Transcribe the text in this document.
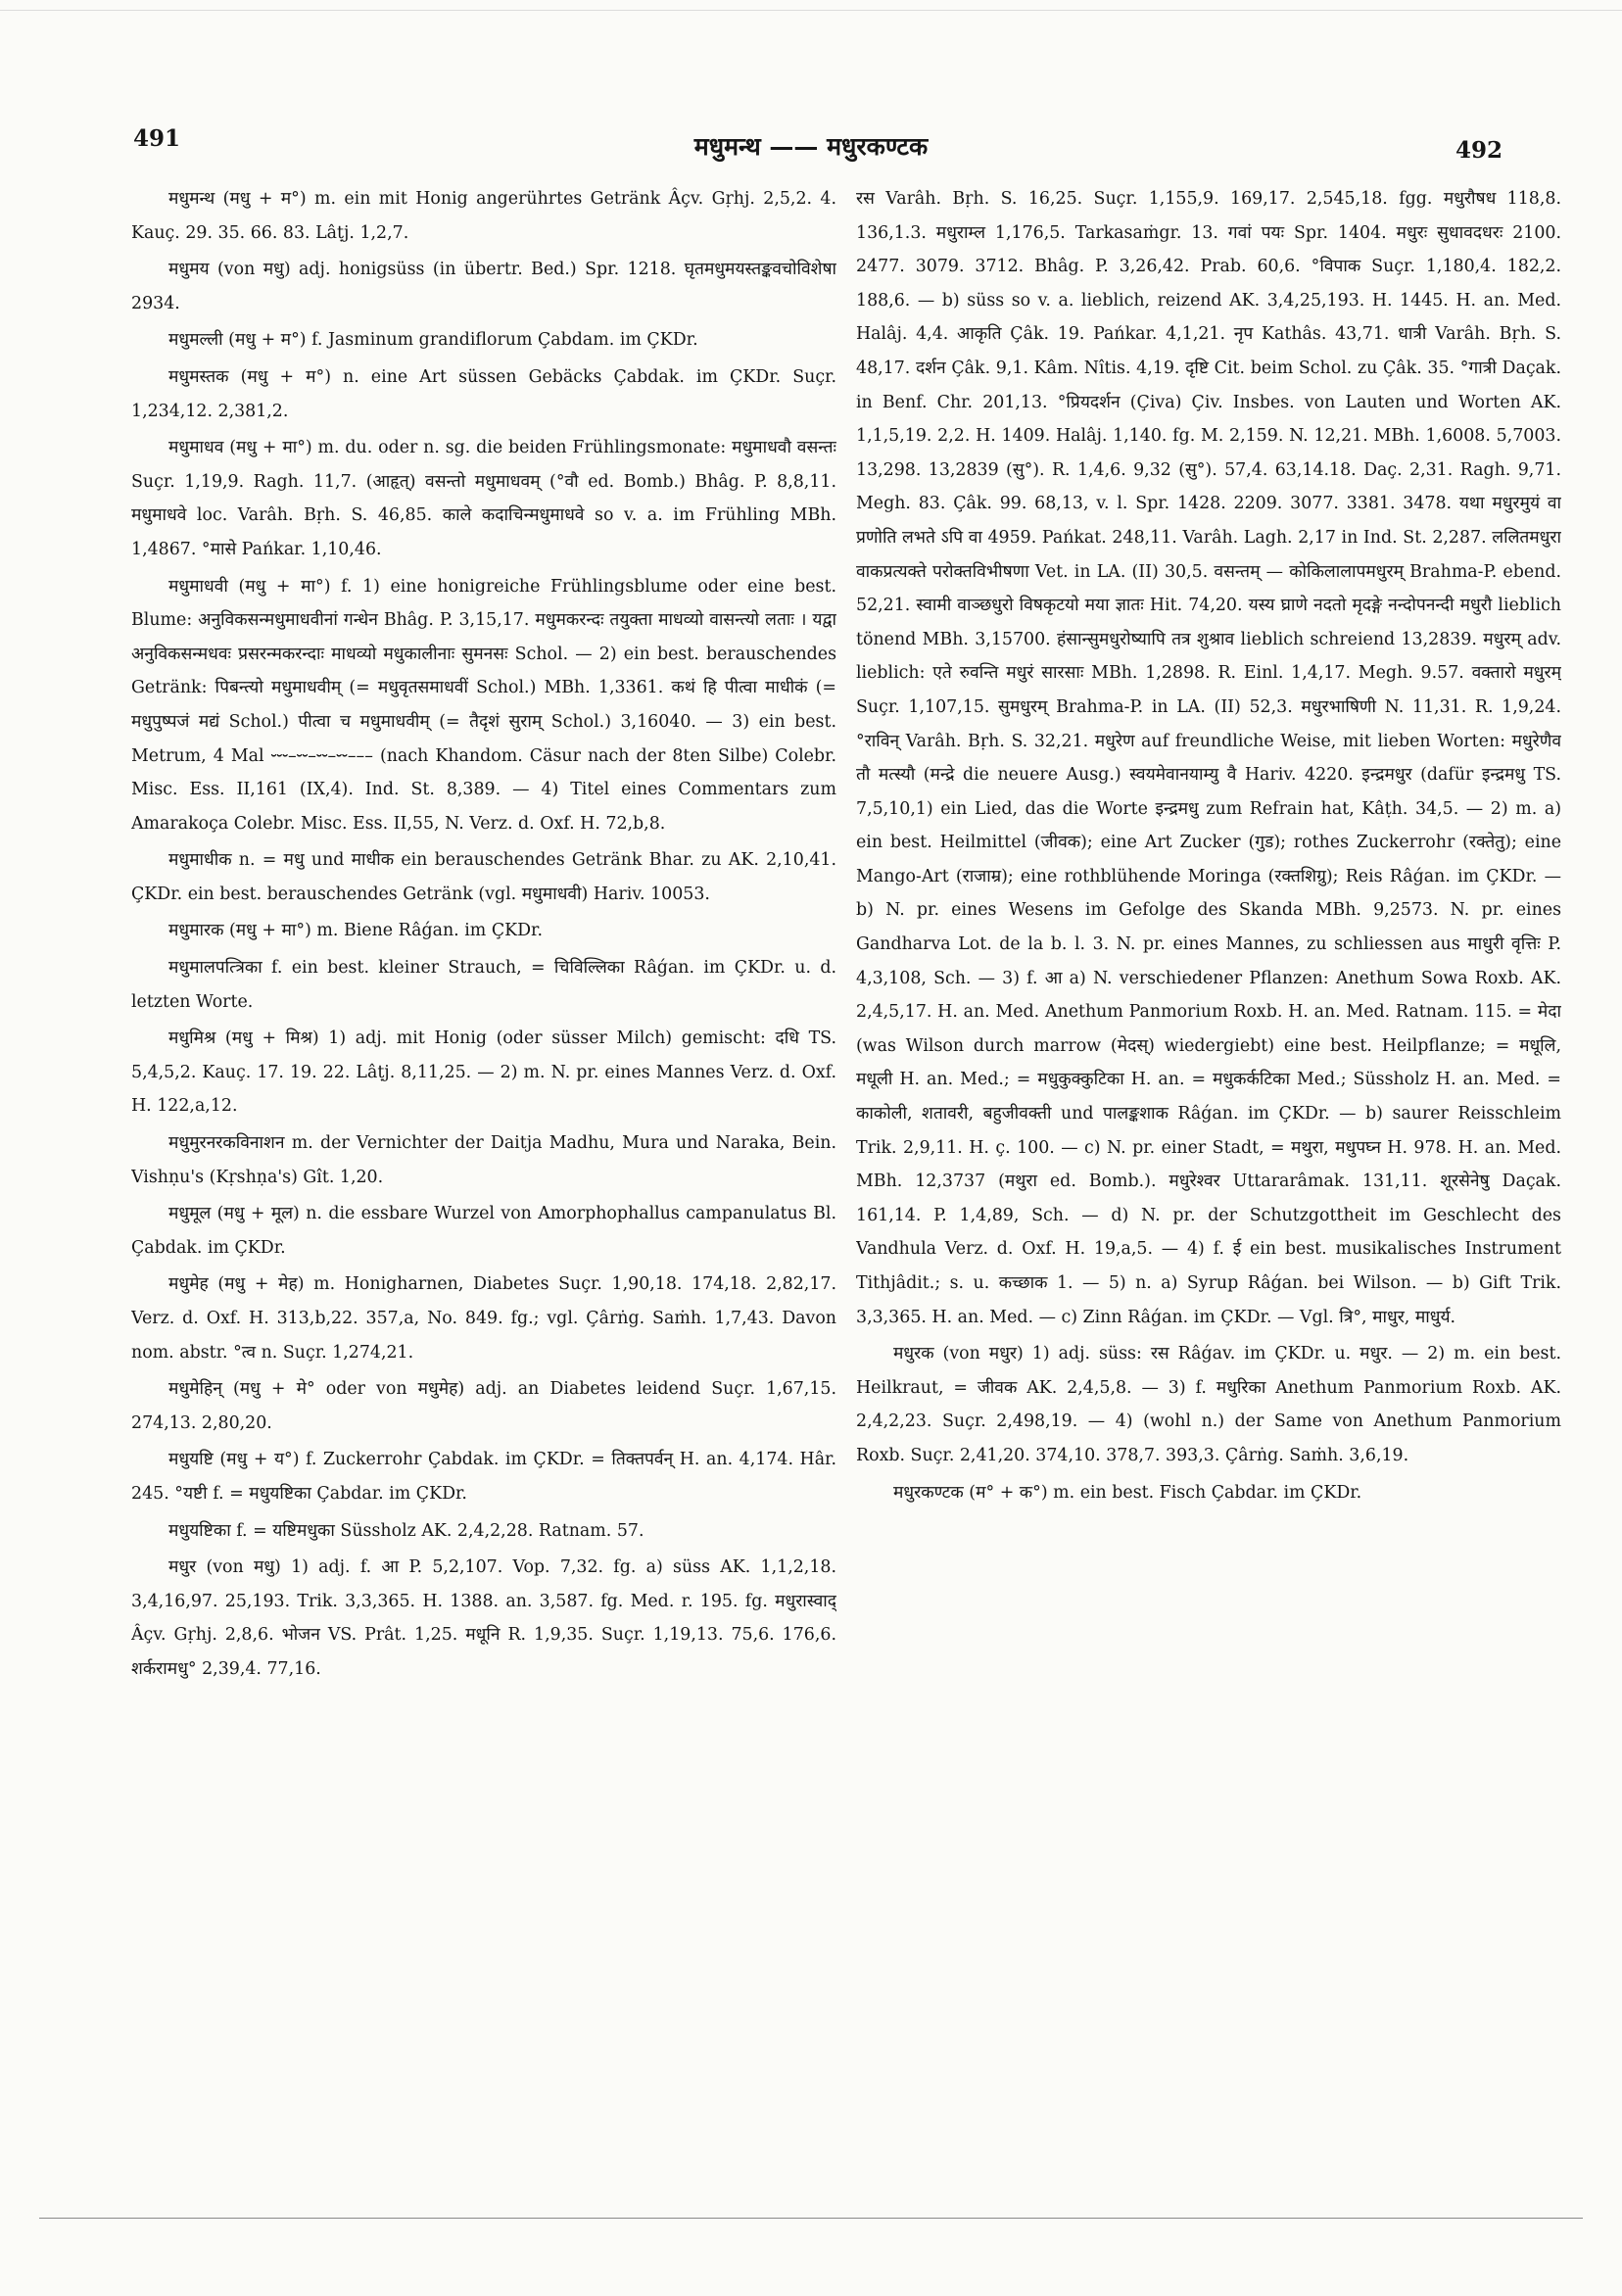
491	मधुमन्थ —— मधुरकण्टक	492

मधुमन्थ (मधु + म°) m. ein mit Honig angerührtes Getränk Âçv. Gṛhj. 2,5,2. 4. Kauç. 29. 35. 66. 83. Lâṭj. 1,2,7.

मधुमय (von मधु) adj. honigsüss (in übertr. Bed.) Spr. 1218. घृतमधुमयस्तङ्कवचोविशेषा 2934.

मधुमल्ली (मधु + म°) f. Jasminum grandiflorum Çabdam. im ÇKDr.

मधुमस्तक (मधु + म°) n. eine Art süssen Gebäcks Çabdak. im ÇKDr. Suçr. 1,234,12. 2,381,2.

मधुमाधव (मधु + मा°) m. du. oder n. sg. die beiden Frühlingsmonate: मधुमाधवौ वसन्तः Suçr. 1,19,9. Ragh. 11,7. (आहृत्) वसन्तो मधुमाधवम् (°वौ ed. Bomb.) Bhâg. P. 8,8,11. मधुमाधवे loc. Varâh. Bṛh. S. 46,85. काले कदाचिन्मधुमाधवे so v. a. im Frühling MBh. 1,4867. °मासे Pańkar. 1,10,46.

मधुमाधवी (मधु + मा°) f. 1) eine honigreiche Frühlingsblume oder eine best. Blume: अनुविकसन्मधुमाधवीनां गन्धेन Bhâg. P. 3,15,17. मधुमकरन्दः तयुक्ता माधव्यो वासन्त्यो लताः । यद्वा अनुविकसन्मधवः प्रसरन्मकरन्दाः माधव्यो मधुकालीनाः सुमनसः Schol. — 2) ein best. berauschendes Getränk: पिबन्त्यो मधुमाधवीम् (= मधुवृतसमाधवीं Schol.) MBh. 1,3361. कथं हि पीत्वा माधीकं (= मधुपुष्पजं मद्यं Schol.) पीत्वा च मधुमाधवीम् (= तैदृशं सुराम् Schol.) 3,16040. — 3) ein best. Metrum, 4 Mal ⏑⏑⏑–⏑⏑–⏑⏑–⏑⏑––– (nach Khandom. Cäsur nach der 8ten Silbe) Colebr. Misc. Ess. II,161 (IX,4). Ind. St. 8,389. — 4) Titel eines Commentars zum Amarakoça Colebr. Misc. Ess. II,55, N. Verz. d. Oxf. H. 72,b,8.

मधुमाधीक n. = मधु und माधीक ein berauschendes Getränk Bhar. zu AK. 2,10,41. ÇKDr. ein best. berauschendes Getränk (vgl. मधुमाधवी) Hariv. 10053.

मधुमारक (मधु + मा°) m. Biene Râǵan. im ÇKDr.

मधुमालपत्त्रिका f. ein best. kleiner Strauch, = चिविल्लिका Râǵan. im ÇKDr. u. d. letzten Worte.

मधुमिश्र (मधु + मिश्र) 1) adj. mit Honig (oder süsser Milch) gemischt: दधि TS. 5,4,5,2. Kauç. 17. 19. 22. Lâṭj. 8,11,25. — 2) m. N. pr. eines Mannes Verz. d. Oxf. H. 122,a,12.

मधुमुरनरकविनाशन m. der Vernichter der Daitja Madhu, Mura und Naraka, Bein. Vishṇu's (Kṛshṇa's) Gît. 1,20.

मधुमूल (मधु + मूल) n. die essbare Wurzel von Amorphophallus campanulatus Bl. Çabdak. im ÇKDr.

मधुमेह (मधु + मेह) m. Honigharnen, Diabetes Suçr. 1,90,18. 174,18. 2,82,17. Verz. d. Oxf. H. 313,b,22. 357,a, No. 849. fg.; vgl. Çârṅg. Saṁh. 1,7,43. Davon nom. abstr. °त्व n. Suçr. 1,274,21.

मधुमेहिन् (मधु + मे° oder von मधुमेह) adj. an Diabetes leidend Suçr. 1,67,15. 274,13. 2,80,20.

मधुयष्टि (मधु + य°) f. Zuckerrohr Çabdak. im ÇKDr. = तिक्तपर्वन् H. an. 4,174. Hâr. 245. °यष्टी f. = मधुयष्टिका Çabdar. im ÇKDr.

मधुयष्टिका f. = यष्टिमधुका Süssholz AK. 2,4,2,28. Ratnam. 57.

मधुर (von मधु) 1) adj. f. आ P. 5,2,107. Vop. 7,32. fg. a) süss AK. 1,1,2,18. 3,4,16,97. 25,193. Trik. 3,3,365. H. 1388. an. 3,587. fg. Med. r. 195. fg. मधुरास्वाद् Âçv. Gṛhj. 2,8,6. भोजन VS. Prât. 1,25. मधूनि R. 1,9,35. Suçr. 1,19,13. 75,6. 176,6. शर्करामधु° 2,39,4. 77,16.

रस Varâh. Bṛh. S. 16,25. Suçr. 1,155,9. 169,17. 2,545,18. fgg. मधुरौषध 118,8. 136,1.3. मधुराम्ल 1,176,5. Tarkasaṁgr. 13. गवां पयः Spr. 1404. मधुरः सुधावदधरः 2100. 2477. 3079. 3712. Bhâg. P. 3,26,42. Prab. 60,6. °विपाक Suçr. 1,180,4. 182,2. 188,6. — b) süss so v. a. lieblich, reizend AK. 3,4,25,193. H. 1445. H. an. Med. Halâj. 4,4. आकृति Çâk. 19. Pańkar. 4,1,21. नृप Kathâs. 43,71. धात्री Varâh. Bṛh. S. 48,17. दर्शन Çâk. 9,1. Kâm. Nîtis. 4,19. दृष्टि Cit. beim Schol. zu Çâk. 35. °गात्री Daçak. in Benf. Chr. 201,13. °प्रियदर्शन (Çiva) Çiv. Insbes. von Lauten und Worten AK. 1,1,5,19. 2,2. H. 1409. Halâj. 1,140. fg. M. 2,159. N. 12,21. MBh. 1,6008. 5,7003. 13,298. 13,2839 (सु°). R. 1,4,6. 9,32 (सु°). 57,4. 63,14.18. Daç. 2,31. Ragh. 9,71. Megh. 83. Çâk. 99. 68,13, v. l. Spr. 1428. 2209. 3077. 3381. 3478. यथा मधुरमुयं वा प्रणोति लभते ऽपि वा 4959. Pańkat. 248,11. Varâh. Lagh. 2,17 in Ind. St. 2,287. ललितमधुरा वाकप्रत्यक्ते परोक्तविभीषणा Vet. in LA. (II) 30,5. वसन्तम् — कोकिलालापमधुरम् Brahma-P. ebend. 52,21. स्वामी वाञ्छधुरो विषकृटयो मया ज्ञातः Hit. 74,20. यस्य घ्राणे नदतो मृदङ्गे नन्दोपनन्दी मधुरौ lieblich tönend MBh. 3,15700. हंसान्सुमधुरोष्यापि तत्र शुश्राव lieblich schreiend 13,2839. मधुरम् adv. lieblich: एते रुवन्ति मधुरं सारसाः MBh. 1,2898. R. Einl. 1,4,17. Megh. 9.57. वक्तारो मधुरम् Suçr. 1,107,15. सुमधुरम् Brahma-P. in LA. (II) 52,3. मधुरभाषिणी N. 11,31. R. 1,9,24. °राविन् Varâh. Bṛh. S. 32,21. मधुरेण auf freundliche Weise, mit lieben Worten: मधुरेणैव तौ मत्स्यौ (मन्द्रे die neuere Ausg.) स्वयमेवानयाम्यु वै Hariv. 4220. इन्द्रमधुर (dafür इन्द्रमधु TS. 7,5,10,1) ein Lied, das die Worte इन्द्रमधु zum Refrain hat, Kâṭh. 34,5. — 2) m. a) ein best. Heilmittel (जीवक); eine Art Zucker (गुड); rothes Zuckerrohr (रक्तेतु); eine Mango-Art (राजाम्र); eine rothblühende Moringa (रक्तशिग्रु); Reis Râǵan. im ÇKDr. — b) N. pr. eines Wesens im Gefolge des Skanda MBh. 9,2573. N. pr. eines Gandharva Lot. de la b. l. 3. N. pr. eines Mannes, zu schliessen aus माधुरी वृत्तिः P. 4,3,108, Sch. — 3) f. आ a) N. verschiedener Pflanzen: Anethum Sowa Roxb. AK. 2,4,5,17. H. an. Med. Anethum Panmorium Roxb. H. an. Med. Ratnam. 115. = मेदा (was Wilson durch marrow (मेदस्) wiedergiebt) eine best. Heilpflanze; = मधूलि, मधूली H. an. Med.; = मधुकुक्कुटिका H. an. = मधुकर्कटिका Med.; Süssholz H. an. Med. = काकोली, शतावरी, बहुजीवक्ती und पालङ्कशाक Râǵan. im ÇKDr. — b) saurer Reisschleim Trik. 2,9,11. H. ç. 100. — c) N. pr. einer Stadt, = मथुरा, मधुपघ्न H. 978. H. an. Med. MBh. 12,3737 (मथुरा ed. Bomb.). मधुरेश्वर Uttararâmak. 131,11. शूरसेनेषु Daçak. 161,14. P. 1,4,89, Sch. — d) N. pr. der Schutzgottheit im Geschlecht des Vandhula Verz. d. Oxf. H. 19,a,5. — 4) f. ई ein best. musikalisches Instrument Tithjâdit.; s. u. कच्छाक 1. — 5) n. a) Syrup Râǵan. bei Wilson. — b) Gift Trik. 3,3,365. H. an. Med. — c) Zinn Râǵan. im ÇKDr. — Vgl. त्रि°, माधुर, माधुर्य.

मधुरक (von मधुर) 1) adj. süss: रस Râǵav. im ÇKDr. u. मधुर. — 2) m. ein best. Heilkraut, = जीवक AK. 2,4,5,8. — 3) f. मधुरिका Anethum Panmorium Roxb. AK. 2,4,2,23. Suçr. 2,498,19. — 4) (wohl n.) der Same von Anethum Panmorium Roxb. Suçr. 2,41,20. 374,10. 378,7. 393,3. Çârṅg. Saṁh. 3,6,19.

मधुरकण्टक (म° + क°) m. ein best. Fisch Çabdar. im ÇKDr.
